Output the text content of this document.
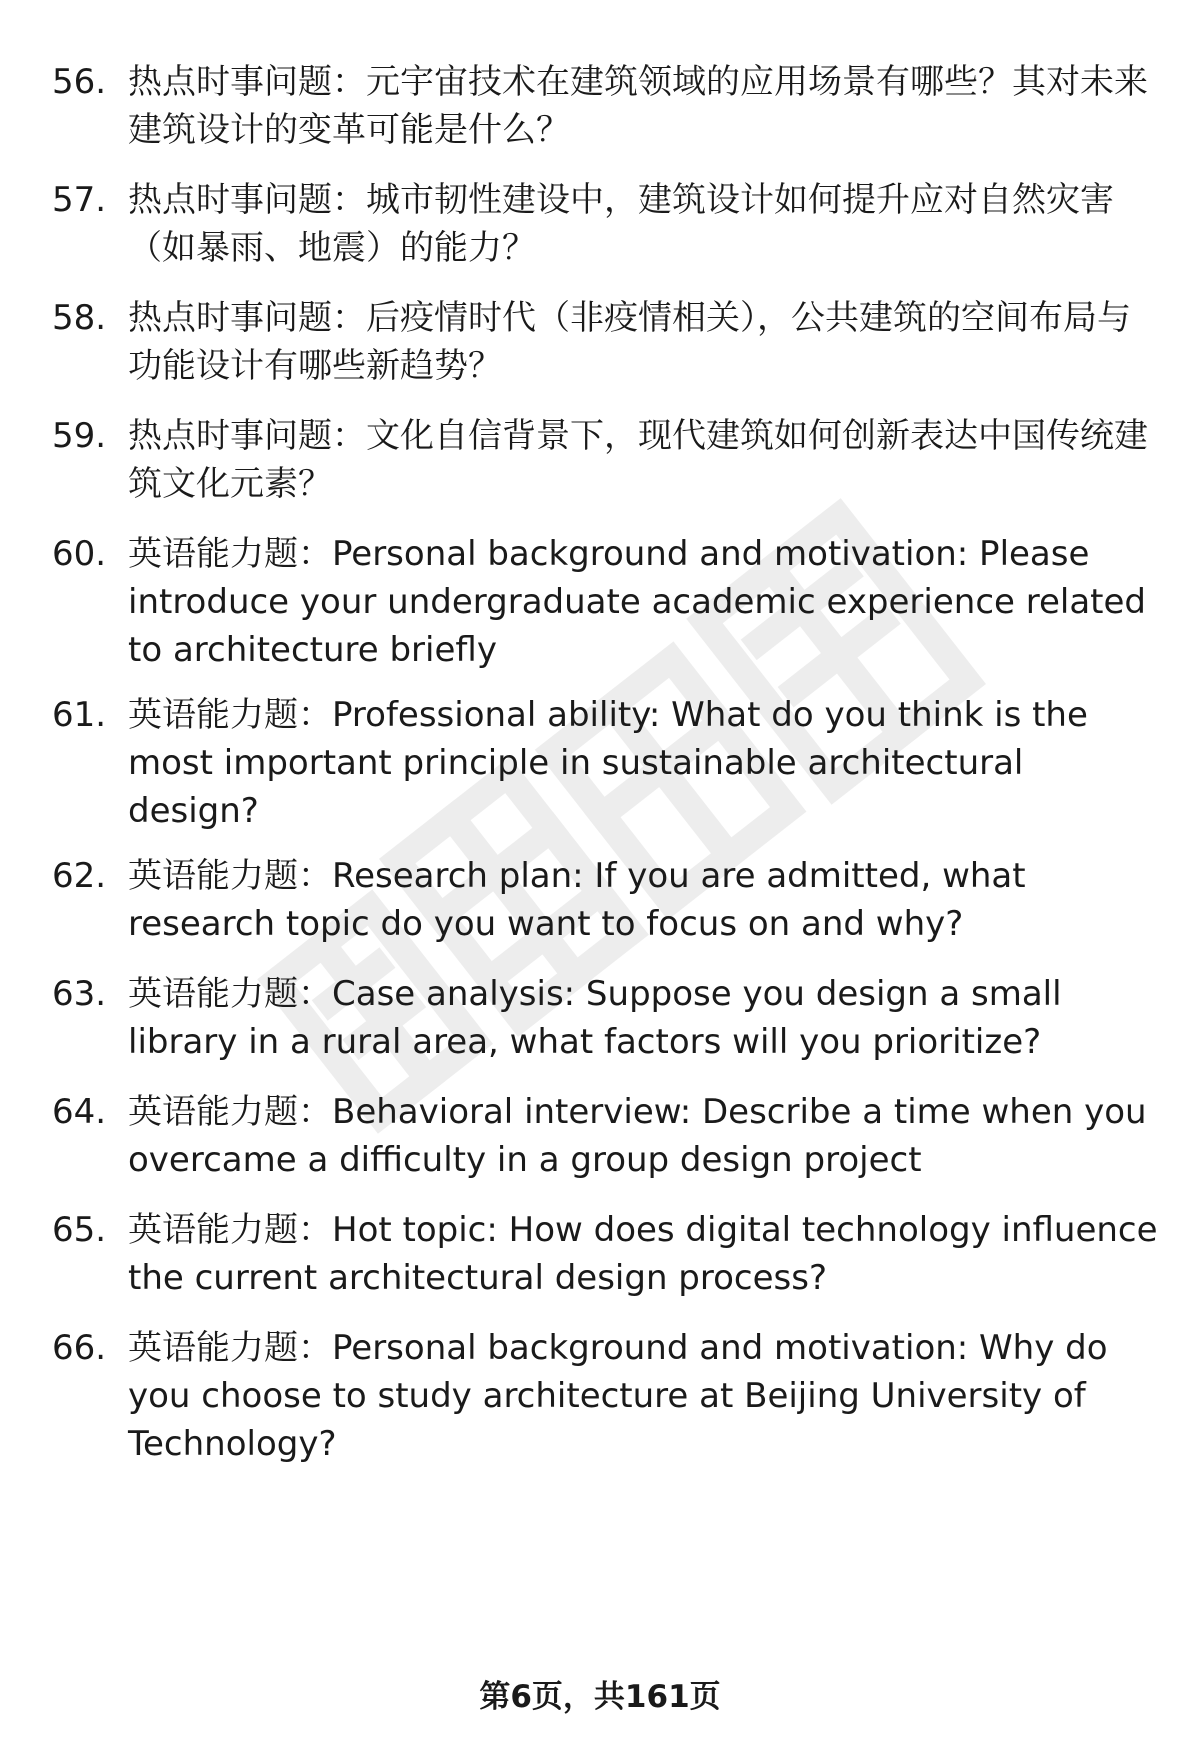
56. 热点时事问题：元宇宙技术在建筑领域的应用场景有哪些？其对未来建筑设计的变革可能是什么？
57. 热点时事问题：城市韧性建设中，建筑设计如何提升应对自然灾害（如暴雨、地震）的能力？
58. 热点时事问题：后疫情时代（非疫情相关），公共建筑的空间布局与功能设计有哪些新趋势？
59. 热点时事问题：文化自信背景下，现代建筑如何创新表达中国传统建筑文化元素？
60. 英语能力题：Personal background and motivation: Please introduce your undergraduate academic experience related to architecture briefly
61. 英语能力题：Professional ability: What do you think is the most important principle in sustainable architectural design?
62. 英语能力题：Research plan: If you are admitted, what research topic do you want to focus on and why?
63. 英语能力题：Case analysis: Suppose you design a small library in a rural area, what factors will you prioritize?
64. 英语能力题：Behavioral interview: Describe a time when you overcame a difficulty in a group design project
65. 英语能力题：Hot topic: How does digital technology influence the current architectural design process?
66. 英语能力题：Personal background and motivation: Why do you choose to study architecture at Beijing University of Technology?
第6页，共161页
